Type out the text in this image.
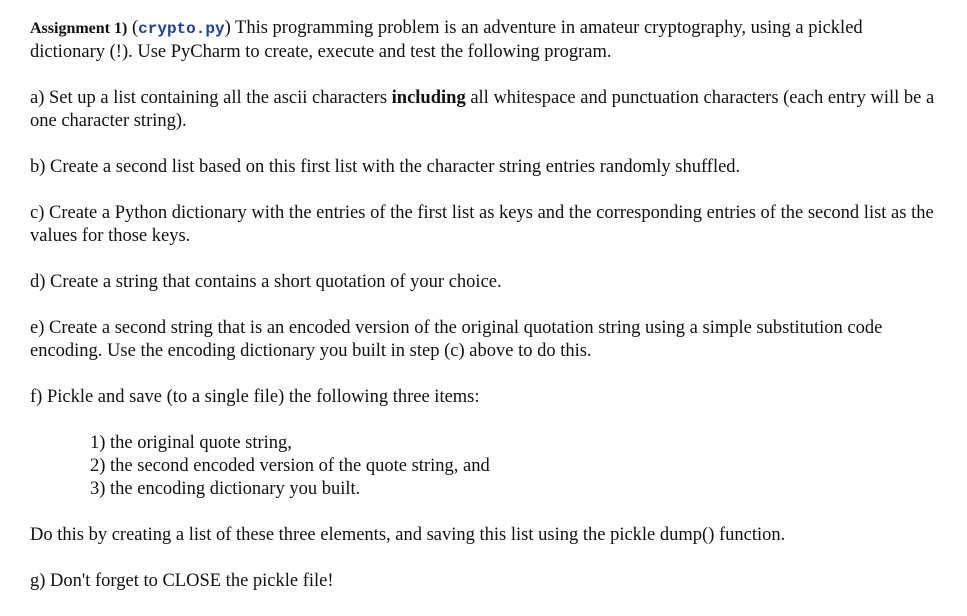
Assignment 1) (crypto.py) This programming problem is an adventure in amateur cryptography, using a pickled dictionary (!). Use PyCharm to create, execute and test the following program.

a) Set up a list containing all the ascii characters including all whitespace and punctuation characters (each entry will be a one character string).

b) Create a second list based on this first list with the character string entries randomly shuffled.

c) Create a Python dictionary with the entries of the first list as keys and the corresponding entries of the second list as the values for those keys.

d) Create a string that contains a short quotation of your choice.

e) Create a second string that is an encoded version of the original quotation string using a simple substitution code encoding. Use the encoding dictionary you built in step (c) above to do this.

f) Pickle and save (to a single file) the following three items:

1) the original quote string,
2) the second encoded version of the quote string, and
3) the encoding dictionary you built.

Do this by creating a list of these three elements, and saving this list using the pickle dump() function.

g) Don't forget to CLOSE the pickle file!
